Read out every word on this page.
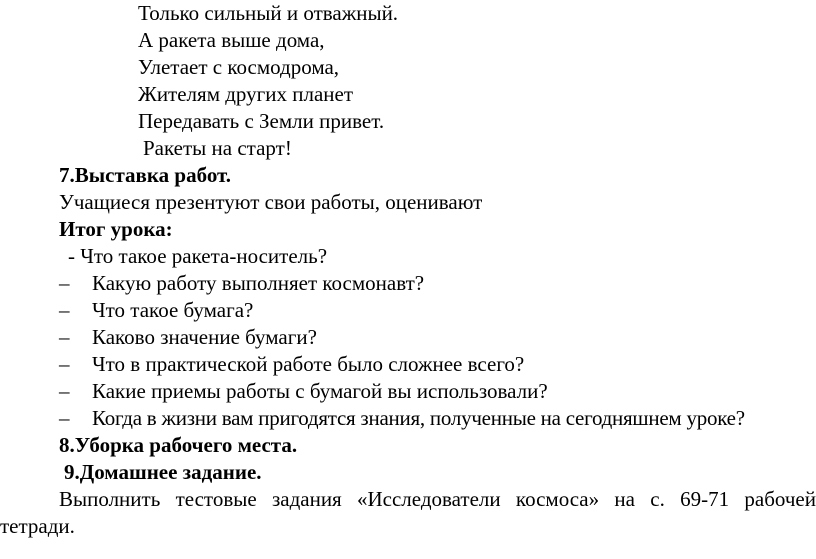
Только сильный и отважный.
А ракета выше дома,
Улетает с космодрома,
Жителям других планет
Передавать с Земли привет.
Ракеты на старт!
7.Выставка работ.
Учащиеся презентуют свои работы, оценивают
Итог урока:
- Что такое ракета-носитель?
– Какую работу выполняет космонавт?
– Что такое бумага?
– Каково значение бумаги?
– Что в практической работе было сложнее всего?
– Какие приемы работы с бумагой вы использовали?
– Когда в жизни вам пригодятся знания, полученные на сегодняшнем уроке?
8.Уборка рабочего места.
9.Домашнее задание.
Выполнить тестовые задания «Исследователи космоса» на с. 69-71 рабочей
тетради.
